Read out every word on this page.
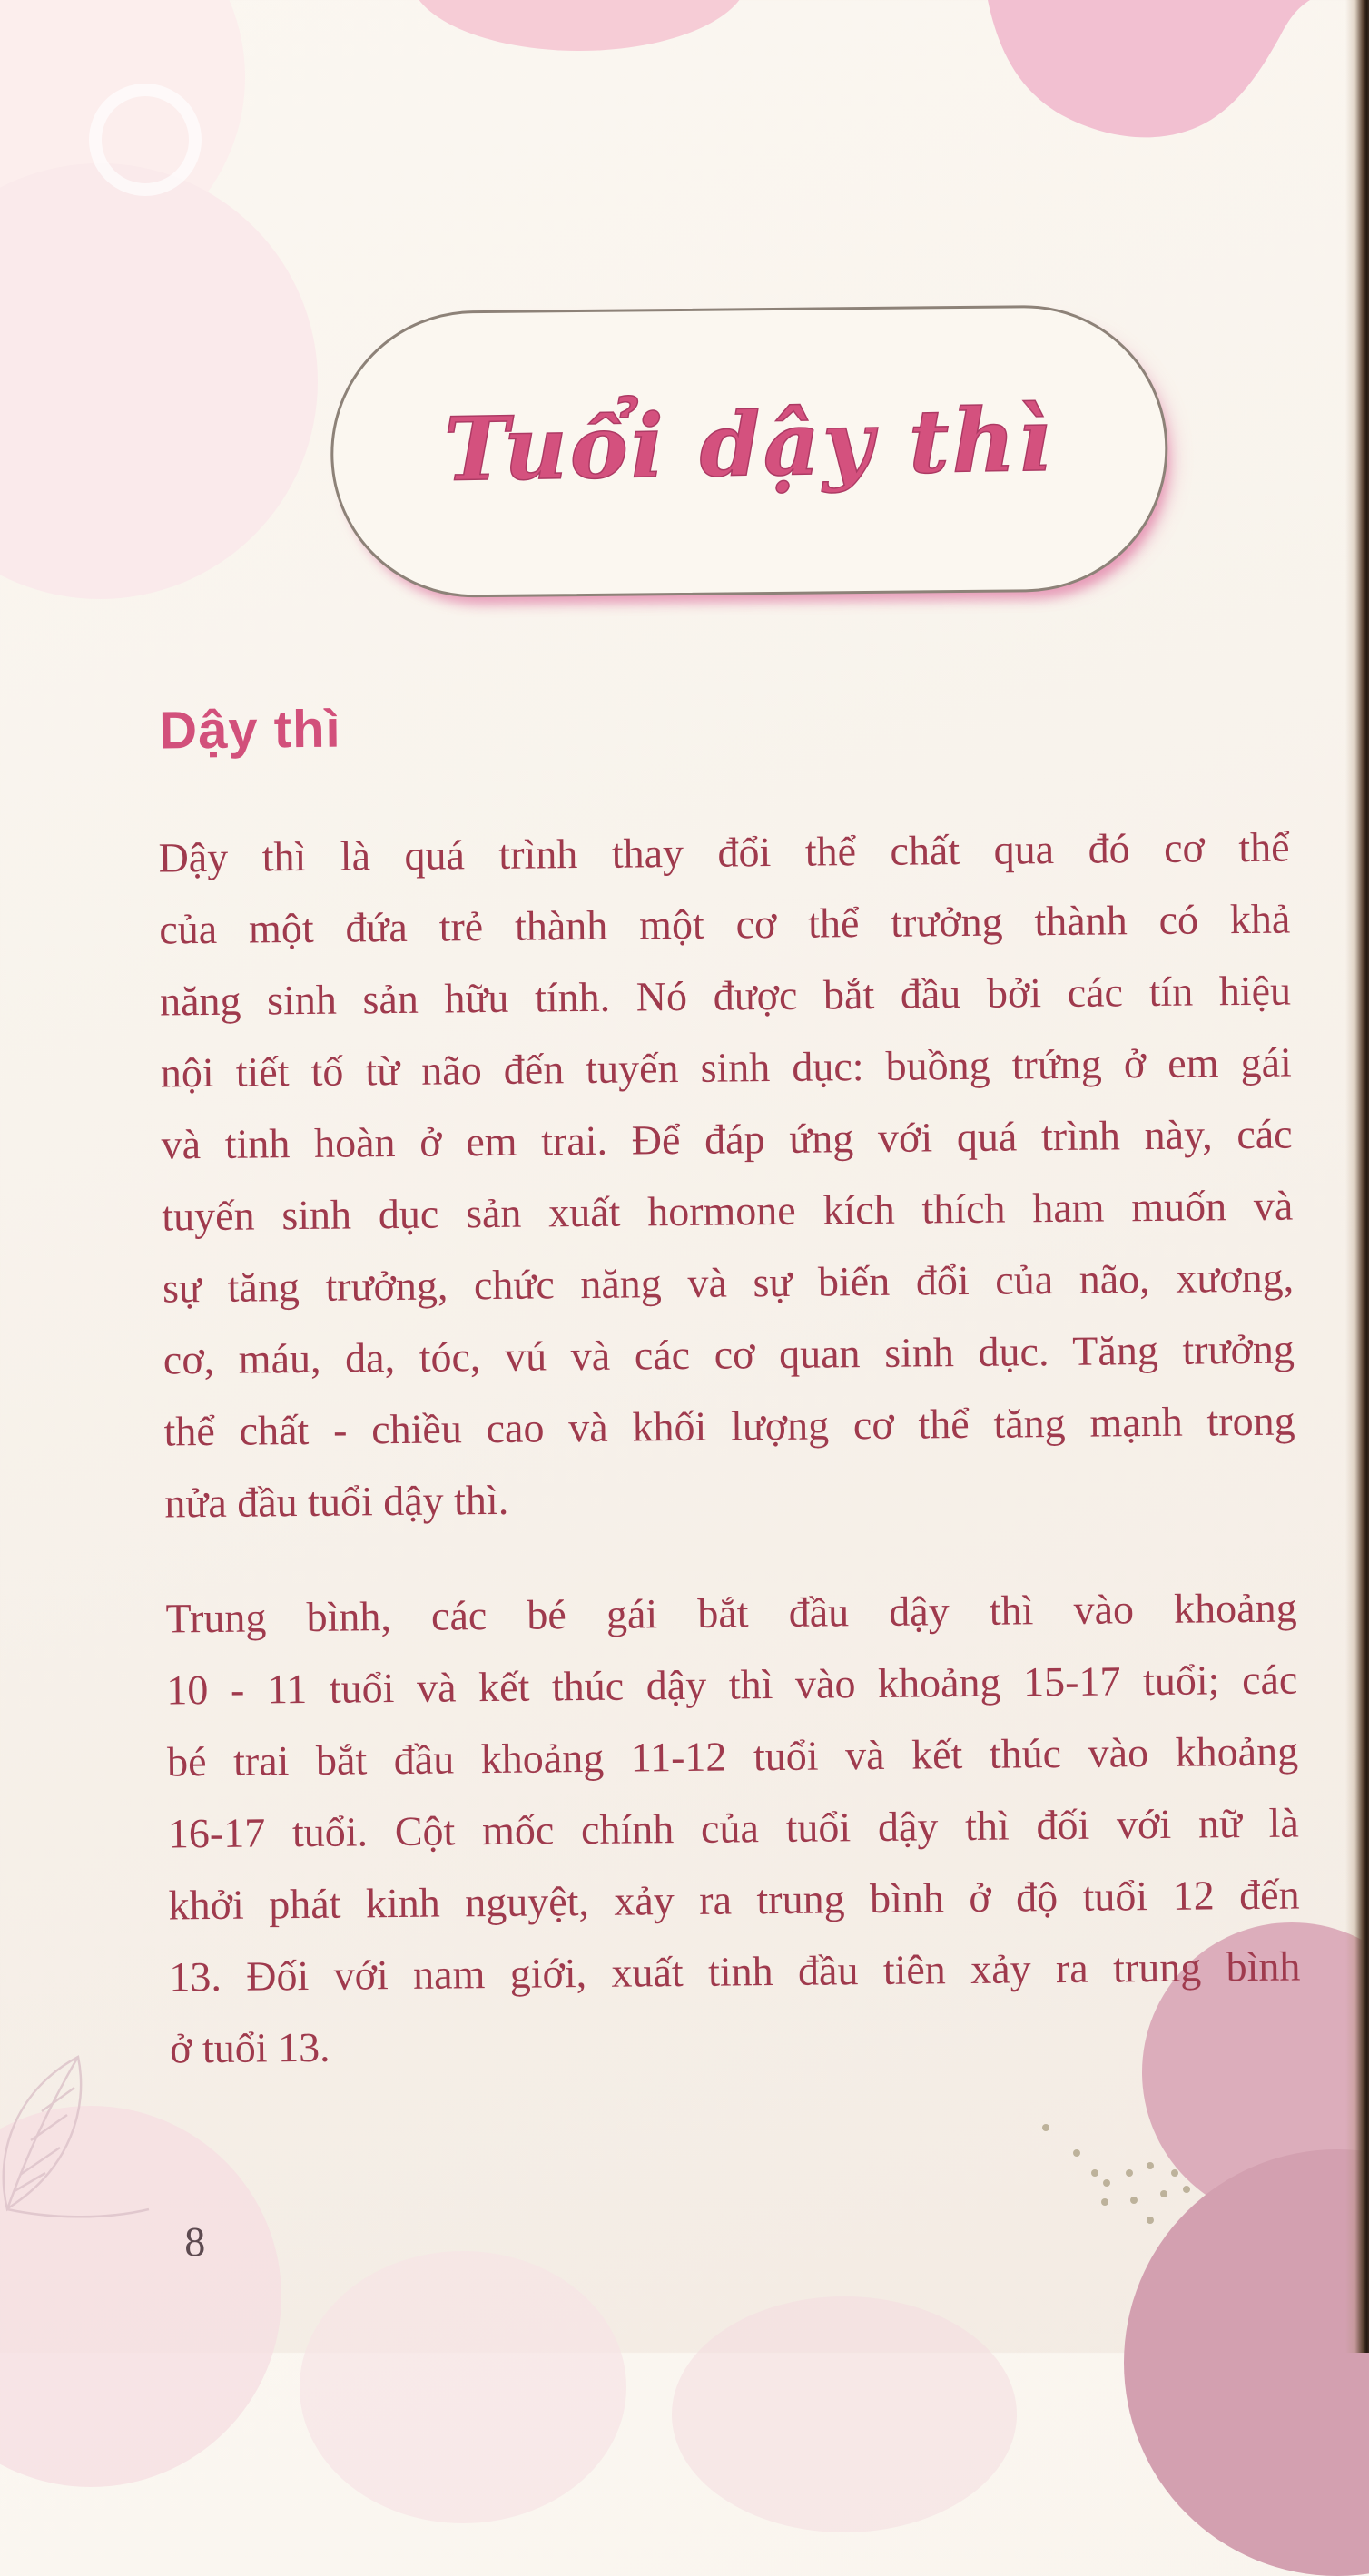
Tuổi dậy thì
Dậy thì
Dậy thì là quá trình thay đổi thể chất qua đó cơ thể
của một đứa trẻ thành một cơ thể trưởng thành có khả
năng sinh sản hữu tính. Nó được bắt đầu bởi các tín hiệu
nội tiết tố từ não đến tuyến sinh dục: buồng trứng ở em gái
và tinh hoàn ở em trai. Để đáp ứng với quá trình này, các
tuyến sinh dục sản xuất hormone kích thích ham muốn và
sự tăng trưởng, chức năng và sự biến đổi của não, xương,
cơ, máu, da, tóc, vú và các cơ quan sinh dục. Tăng trưởng
thể chất - chiều cao và khối lượng cơ thể tăng mạnh trong
nửa đầu tuổi dậy thì.
Trung bình, các bé gái bắt đầu dậy thì vào khoảng
10 - 11 tuổi và kết thúc dậy thì vào khoảng 15-17 tuổi; các
bé trai bắt đầu khoảng 11-12 tuổi và kết thúc vào khoảng
16-17 tuổi. Cột mốc chính của tuổi dậy thì đối với nữ là
khởi phát kinh nguyệt, xảy ra trung bình ở độ tuổi 12 đến
13. Đối với nam giới, xuất tinh đầu tiên xảy ra trung bình
ở tuổi 13.
8
